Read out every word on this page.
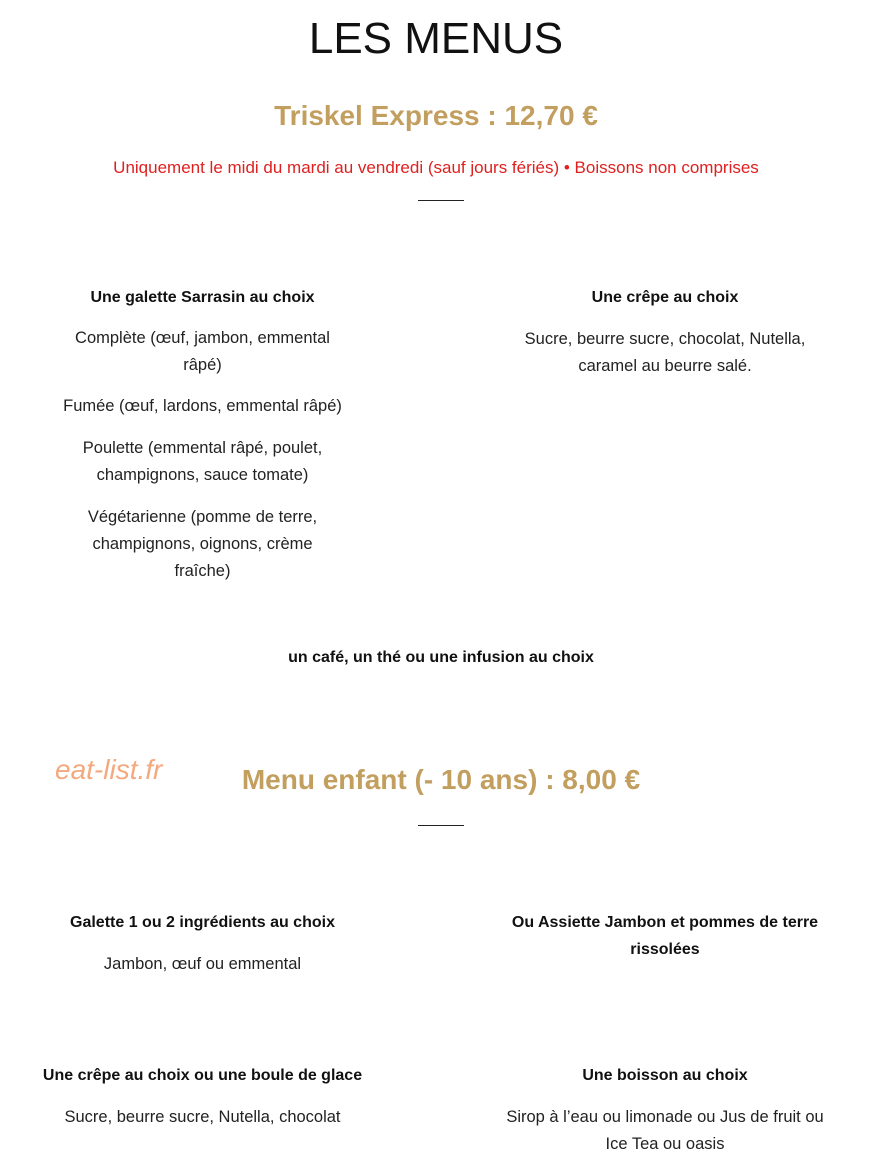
LES MENUS
Triskel Express : 12,70 €
Uniquement le midi du mardi au vendredi (sauf jours fériés) • Boissons non comprises
Une galette Sarrasin au choix
Complète (œuf, jambon, emmental râpé)
Fumée (œuf, lardons, emmental râpé)
Poulette (emmental râpé, poulet, champignons, sauce tomate)
Végétarienne (pomme de terre, champignons, oignons, crème fraîche)
Une crêpe au choix
Sucre, beurre sucre, chocolat, Nutella, caramel au beurre salé.
un café, un thé ou une infusion au choix
eat-list.fr	Menu enfant (- 10 ans) : 8,00 €
Galette 1 ou 2 ingrédients au choix
Jambon, œuf ou emmental
Ou Assiette Jambon et pommes de terre rissolées
Une crêpe au choix ou une boule de glace
Sucre, beurre sucre, Nutella, chocolat
Une boisson au choix
Sirop à l’eau ou limonade ou Jus de fruit ou Ice Tea ou oasis
